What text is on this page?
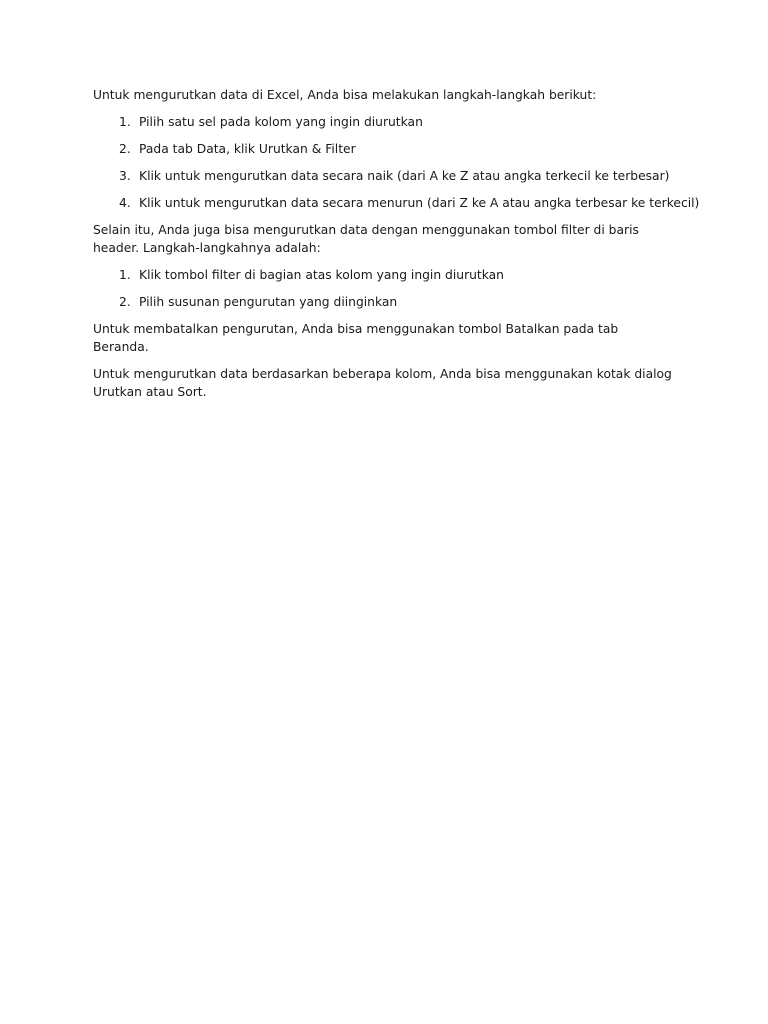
Untuk mengurutkan data di Excel, Anda bisa melakukan langkah-langkah berikut:

1. Pilih satu sel pada kolom yang ingin diurutkan
2. Pada tab Data, klik Urutkan & Filter
3. Klik untuk mengurutkan data secara naik (dari A ke Z atau angka terkecil ke terbesar)
4. Klik untuk mengurutkan data secara menurun (dari Z ke A atau angka terbesar ke terkecil)

Selain itu, Anda juga bisa mengurutkan data dengan menggunakan tombol filter di baris
header. Langkah-langkahnya adalah:

1. Klik tombol filter di bagian atas kolom yang ingin diurutkan
2. Pilih susunan pengurutan yang diinginkan

Untuk membatalkan pengurutan, Anda bisa menggunakan tombol Batalkan pada tab Beranda.

Untuk mengurutkan data berdasarkan beberapa kolom, Anda bisa menggunakan kotak dialog
Urutkan atau Sort.
